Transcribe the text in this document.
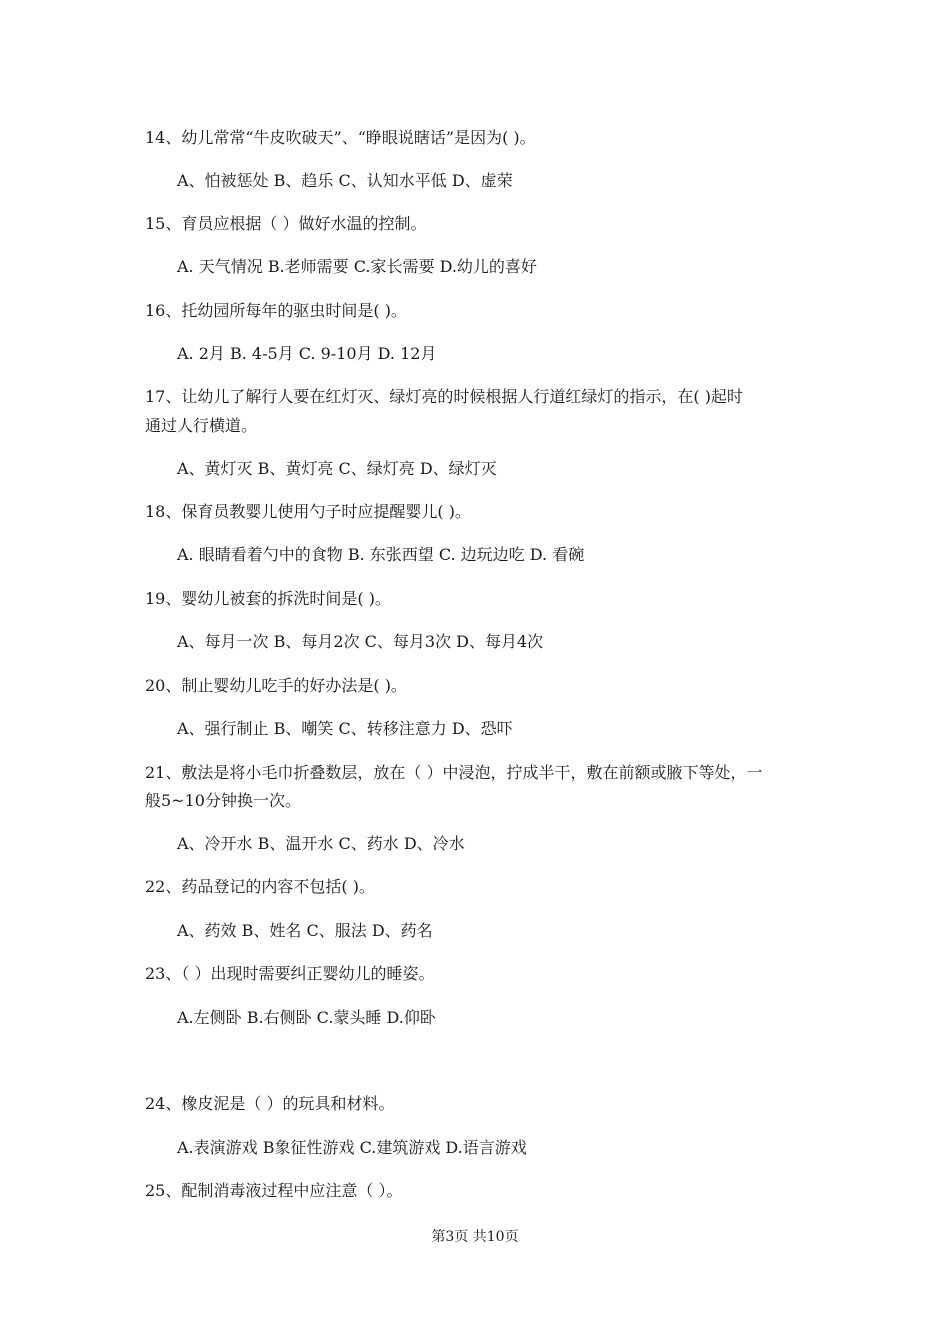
14、幼儿常常“牛皮吹破天”、“睁眼说瞎话”是因为( )。
A、怕被惩处 B、趋乐 C、认知水平低 D、虚荣
15、育员应根据（ ）做好水温的控制。
A. 天气情况 B.老师需要 C.家长需要 D.幼儿的喜好
16、托幼园所每年的驱虫时间是( )。
A. 2月 B. 4-5月 C. 9-10月 D. 12月
17、让幼儿了解行人要在红灯灭、绿灯亮的时候根据人行道红绿灯的指示，在( )起时
通过人行横道。
A、黄灯灭 B、黄灯亮 C、绿灯亮 D、绿灯灭
18、保育员教婴儿使用勺子时应提醒婴儿( )。
A. 眼睛看着勺中的食物 B. 东张西望 C. 边玩边吃 D. 看碗
19、婴幼儿被套的拆洗时间是( )。
A、每月一次 B、每月2次 C、每月3次 D、每月4次
20、制止婴幼儿吃手的好办法是( )。
A、强行制止 B、嘲笑 C、转移注意力 D、恐吓
21、敷法是将小毛巾折叠数层，放在（ ）中浸泡，拧成半干，敷在前额或腋下等处，一
般5~10分钟换一次。
A、冷开水 B、温开水 C、药水 D、冷水
22、药品登记的内容不包括( )。
A、药效 B、姓名 C、服法 D、药名
23、（ ）出现时需要纠正婴幼儿的睡姿。
A.左侧卧 B.右侧卧 C.蒙头睡 D.仰卧
24、橡皮泥是（ ）的玩具和材料。
A.表演游戏 B象征性游戏 C.建筑游戏 D.语言游戏
25、配制消毒液过程中应注意（ ）。
第3页 共10页
